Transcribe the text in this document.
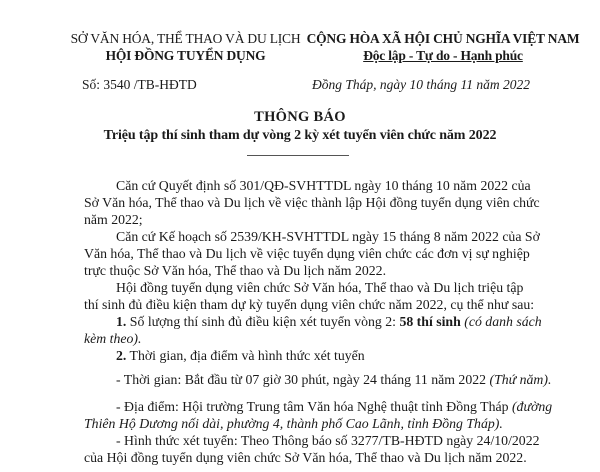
SỞ VĂN HÓA, THỂ THAO VÀ DU LỊCH
HỘI ĐỒNG TUYỂN DỤNG
CỘNG HÒA XÃ HỘI CHỦ NGHĨA VIỆT NAM
Độc lập - Tự do - Hạnh phúc
Số: 3540 /TB-HĐTD	Đồng Tháp, ngày 10 tháng 11 năm 2022
THÔNG BÁO
Triệu tập thí sinh tham dự vòng 2 kỳ xét tuyển viên chức năm 2022
Căn cứ Quyết định số 301/QĐ-SVHTTDL ngày 10 tháng 10 năm 2022 của
Sở Văn hóa, Thể thao và Du lịch về việc thành lập Hội đồng tuyển dụng viên chức
năm 2022;
Căn cứ Kế hoạch số 2539/KH-SVHTTDL ngày 15 tháng 8 năm 2022 của Sở
Văn hóa, Thể thao và Du lịch về việc tuyển dụng viên chức các đơn vị sự nghiệp
trực thuộc Sở Văn hóa, Thể thao và Du lịch năm 2022.
Hội đồng tuyển dụng viên chức Sở Văn hóa, Thể thao và Du lịch triệu tập
thí sinh đủ điều kiện tham dự kỳ tuyển dụng viên chức năm 2022, cụ thể như sau:
1. Số lượng thí sinh đủ điều kiện xét tuyển vòng 2: 58 thí sinh (có danh sách
kèm theo).
2. Thời gian, địa điểm và hình thức xét tuyển
- Thời gian: Bắt đầu từ 07 giờ 30 phút, ngày 24 tháng 11 năm 2022 (Thứ năm).
- Địa điểm: Hội trường Trung tâm Văn hóa Nghệ thuật tỉnh Đồng Tháp (đường
Thiên Hộ Dương nối dài, phường 4, thành phố Cao Lãnh, tỉnh Đồng Tháp).
- Hình thức xét tuyển: Theo Thông báo số 3277/TB-HĐTD ngày 24/10/2022
của Hội đồng tuyển dụng viên chức Sở Văn hóa, Thể thao và Du lịch năm 2022.
